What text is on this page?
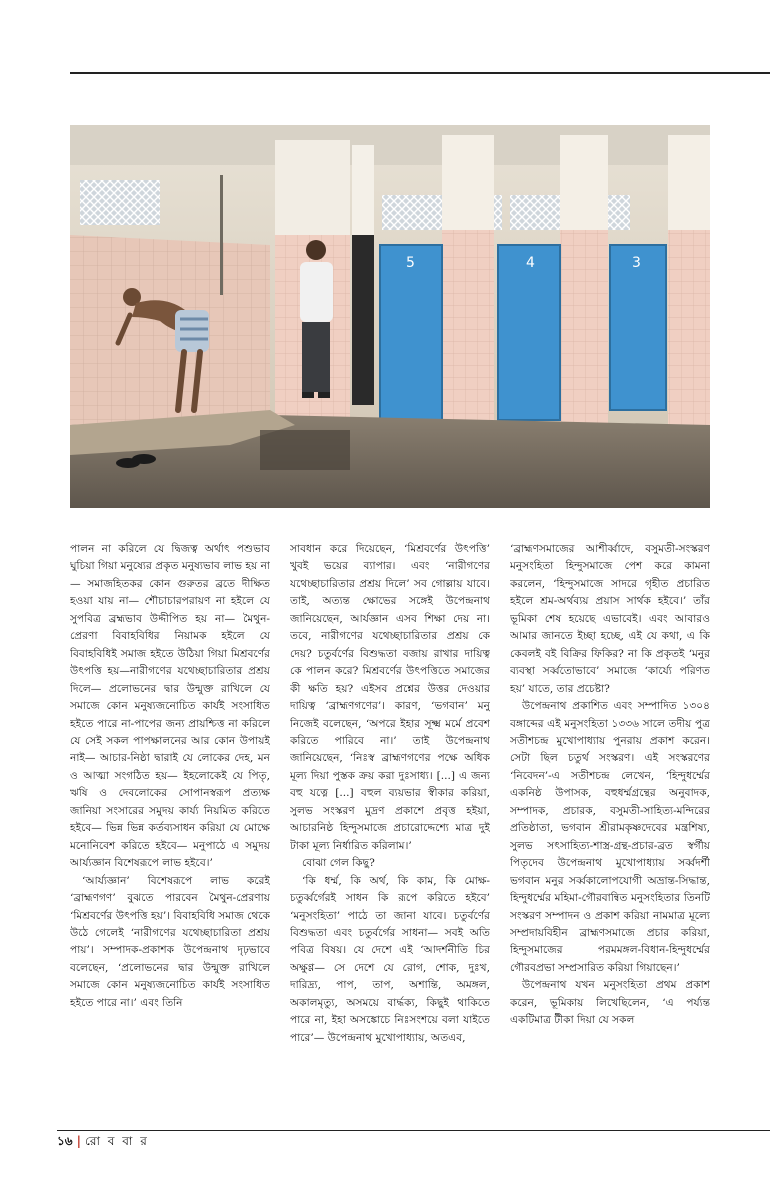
5	4	3

পালন না করিলে যে দ্বিজত্ব অর্থাৎ পশুভাব ঘুচিয়া গিয়া মনুষ্যের প্রকৃত মনুষ্যভাব লাভ হয় না— সমাজহিতকর কোন গুরুতর ব্রতে দীক্ষিত হওয়া যায় না— শৌচাচারপরায়ণ না হইলে যে সুপবিত্র ব্রহ্মভাব উদ্দীপিত হয় না— মৈথুন-প্রেরণা বিবাহবিধির নিয়ামক হইলে যে বিবাহবিধিই সমাজ হইতে উঠিয়া গিয়া মিশ্রবর্ণের উৎপত্তি হয়—নারীগণের যথেচ্ছাচারিতার প্রশ্রয় দিলে— প্রলোভনের দ্বার উন্মুক্ত রাখিলে যে সমাজে কোন মনুষ্যজনোচিত কার্যই সংসাধিত হইতে পারে না-পাপের জন্য প্রায়শ্চিত্ত না করিলে যে সেই সকল পাপক্ষালনের আর কোন উপায়ই নাই— আচার-নিষ্ঠা দ্বারাই যে লোকের দেহ, মন ও আত্মা সংগঠিত হয়— ইহলোকেই যে পিতৃ, ঋষি ও দেবলোকের সোপানস্বরূপ প্রত্যক্ষ জানিয়া সংসারের সমুদয় কার্য্য নিয়মিত করিতে হইবে— ভিন্ন ভিন্ন কর্তব্যসাধন করিয়া যে মোক্ষে মনোনিবেশ করিতে হইবে— মনুপাঠে এ সমুদয় আর্য্যজ্ঞান বিশেষরূপে লাভ হইবে।’

‘আর্য্যজ্ঞান’ বিশেষরূপে লাভ করেই ‘ব্রাহ্মণগণ’ বুঝতে পারবেন মৈথুন-প্রেরণায় ‘মিশ্রবর্ণের উৎপত্তি হয়’। বিবাহবিধি সমাজ থেকে উঠে গেলেই ‘নারীগণের যথেচ্ছাচারিতা প্রশ্রয় পায়’। সম্পাদক-প্রকাশক উপেন্দ্রনাথ দৃঢ়ভাবে বলেছেন, ‘প্রলোভনের দ্বার উন্মুক্ত রাখিলে সমাজে কোন মনুষ্যজনোচিত কার্যই সংসাধিত হইতে পারে না।’ এবং তিনি

সাবধান করে দিয়েছেন, ‘মিশ্রবর্ণের উৎপত্তি’ খুবই ভয়ের ব্যাপার। এবং ‘নারীগণের যথেচ্ছাচারিতার প্রশ্রয় দিলে’ সব গোল্লায় যাবে। তাই, অত্যন্ত ক্ষোভের সঙ্গেই উপেন্দ্রনাথ জানিয়েছেন, আর্যজ্ঞান এসব শিক্ষা দেয় না। তবে, নারীগণের যথেচ্ছাচারিতার প্রশ্রয় কে দেয়? চতুর্বর্ণের বিশুদ্ধতা বজায় রাখার দায়িত্ব কে পালন করে? মিশ্রবর্ণের উৎপত্তিতে সমাজের কী ক্ষতি হয়? এইসব প্রশ্নের উত্তর দেওয়ার দায়িত্ব ‘ব্রাহ্মণগণের’। কারণ, ‘ভগবান’ মনু নিজেই বলেছেন, ‘অপরে ইহার সূক্ষ্ম মর্মে প্রবেশ করিতে পারিবে না।’ তাই উপেন্দ্রনাথ জানিয়েছেন, ‘নিঃস্ব ব্রাহ্মণগণের পক্ষে অধিক মূল্য দিয়া পুস্তক ক্রয় করা দুঃসাধ্য। [...] এ জন্য বহু যত্নে [...] বহুল ব্যয়ভার স্বীকার করিয়া, সুলভ সংস্করণ মুদ্রণ প্রকাশে প্রবৃত্ত হইয়া, আচারনিষ্ঠ হিন্দুসমাজে প্রচারোদ্দেশ্যে মাত্র দুই টাকা মূল্য নির্ধারিত করিলাম।’

বোঝা গেল কিছু?

‘কি ধর্ম্ম, কি অর্থ, কি কাম, কি মোক্ষ-চতুর্ব্বর্গেরই সাধন কি রূপে করিতে হইবে’ ‘মনুসংহিতা’ পাঠে তা জানা যাবে। চতুর্বর্ণের বিশুদ্ধতা এবং চতুর্বর্গের সাধনা— সবই অতি পবিত্র বিষয়। যে দেশে এই ‘আদর্শনীতি চির অক্ষুণ্ণ— সে দেশে যে রোগ, শোক, দুঃখ, দারিদ্র্য, পাপ, তাপ, অশান্তি, অমঙ্গল, অকালমৃত্যু, অসময়ে বার্দ্ধক্য, কিছুই থাকিতে পারে না, ইহা অসঙ্কোচে নিঃসংশয়ে বলা যাইতে পারে’— উপেন্দ্রনাথ মুখোপাধ্যায়, অতএব,

‘ব্রাহ্মণসমাজের আশীর্ব্বাদে, বসুমতী-সংস্করণ মনুসংহিতা হিন্দুসমাজে পেশ করে কামনা করলেন, ‘হিন্দুসমাজে সাদরে গৃহীত প্রচারিত হইলে শ্রম-অর্থব্যয় প্রয়াস সার্থক হইবে।’ তাঁর ভূমিকা শেষ হয়েছে এভাবেই। এবং আবারও আমার জানতে ইচ্ছা হচ্ছে, এই যে কথা, এ কি কেবলই বই বিক্রির ফিকির? না কি প্রকৃতই ‘মনুর ব্যবস্থা সর্ব্বতোভাবে’ সমাজে ‘কার্য্যে পরিণত হয়’ যাতে, তার প্রচেষ্টা?

উপেন্দ্রনাথ প্রকাশিত এবং সম্পাদিত ১৩০৪ বঙ্গাব্দের এই মনুসংহিতা ১৩৩৬ সালে তদীয় পুত্র সতীশচন্দ্র মুখোপাধ্যায় পুনরায় প্রকাশ করেন। সেটা ছিল চতুর্থ সংস্করণ। এই সংস্করণের ‘নিবেদন’-এ সতীশচন্দ্র লেখেন, ‘হিন্দুধর্ম্মের একনিষ্ঠ উপাসক, বহুধর্ম্মগ্রন্থের অনুবাদক, সম্পাদক, প্রচারক, বসুমতী-সাহিত্য-মন্দিরের প্রতিষ্ঠাতা, ভগবান শ্রীরামকৃষ্ণদেবের মন্ত্রশিষ্য, সুলভ সৎসাহিত্য-শাস্ত্র-গ্রন্থ-প্রচার-ব্রত স্বর্গীয় পিতৃদেব উপেন্দ্রনাথ মুখোপাধ্যায় সর্ব্বদর্শী ভগবান মনুর সর্ব্বকালোপযোগী অভ্রান্ত-সিদ্ধান্ত, হিন্দুধর্ম্মের মহিমা-গৌরবান্বিত মনুসংহিতার তিনটি সংস্করণ সম্পাদন ও প্রকাশ করিয়া নামমাত্র মূল্যে সম্প্রদায়বিহীন ব্রাহ্মণসমাজে প্রচার করিয়া, হিন্দুসমাজের পরমমঙ্গল-বিধান-হিন্দুধর্ম্মের গৌরবপ্রভা সম্প্রসারিত করিয়া গিয়াছেন।’

উপেন্দ্রনাথ যখন মনুসংহিতা প্রথম প্রকাশ করেন, ভূমিকায় লিখেছিলেন, ‘এ পর্য্যন্ত একটিমাত্র টীকা দিয়া যে সকল

১৬ | রো ব বা র
